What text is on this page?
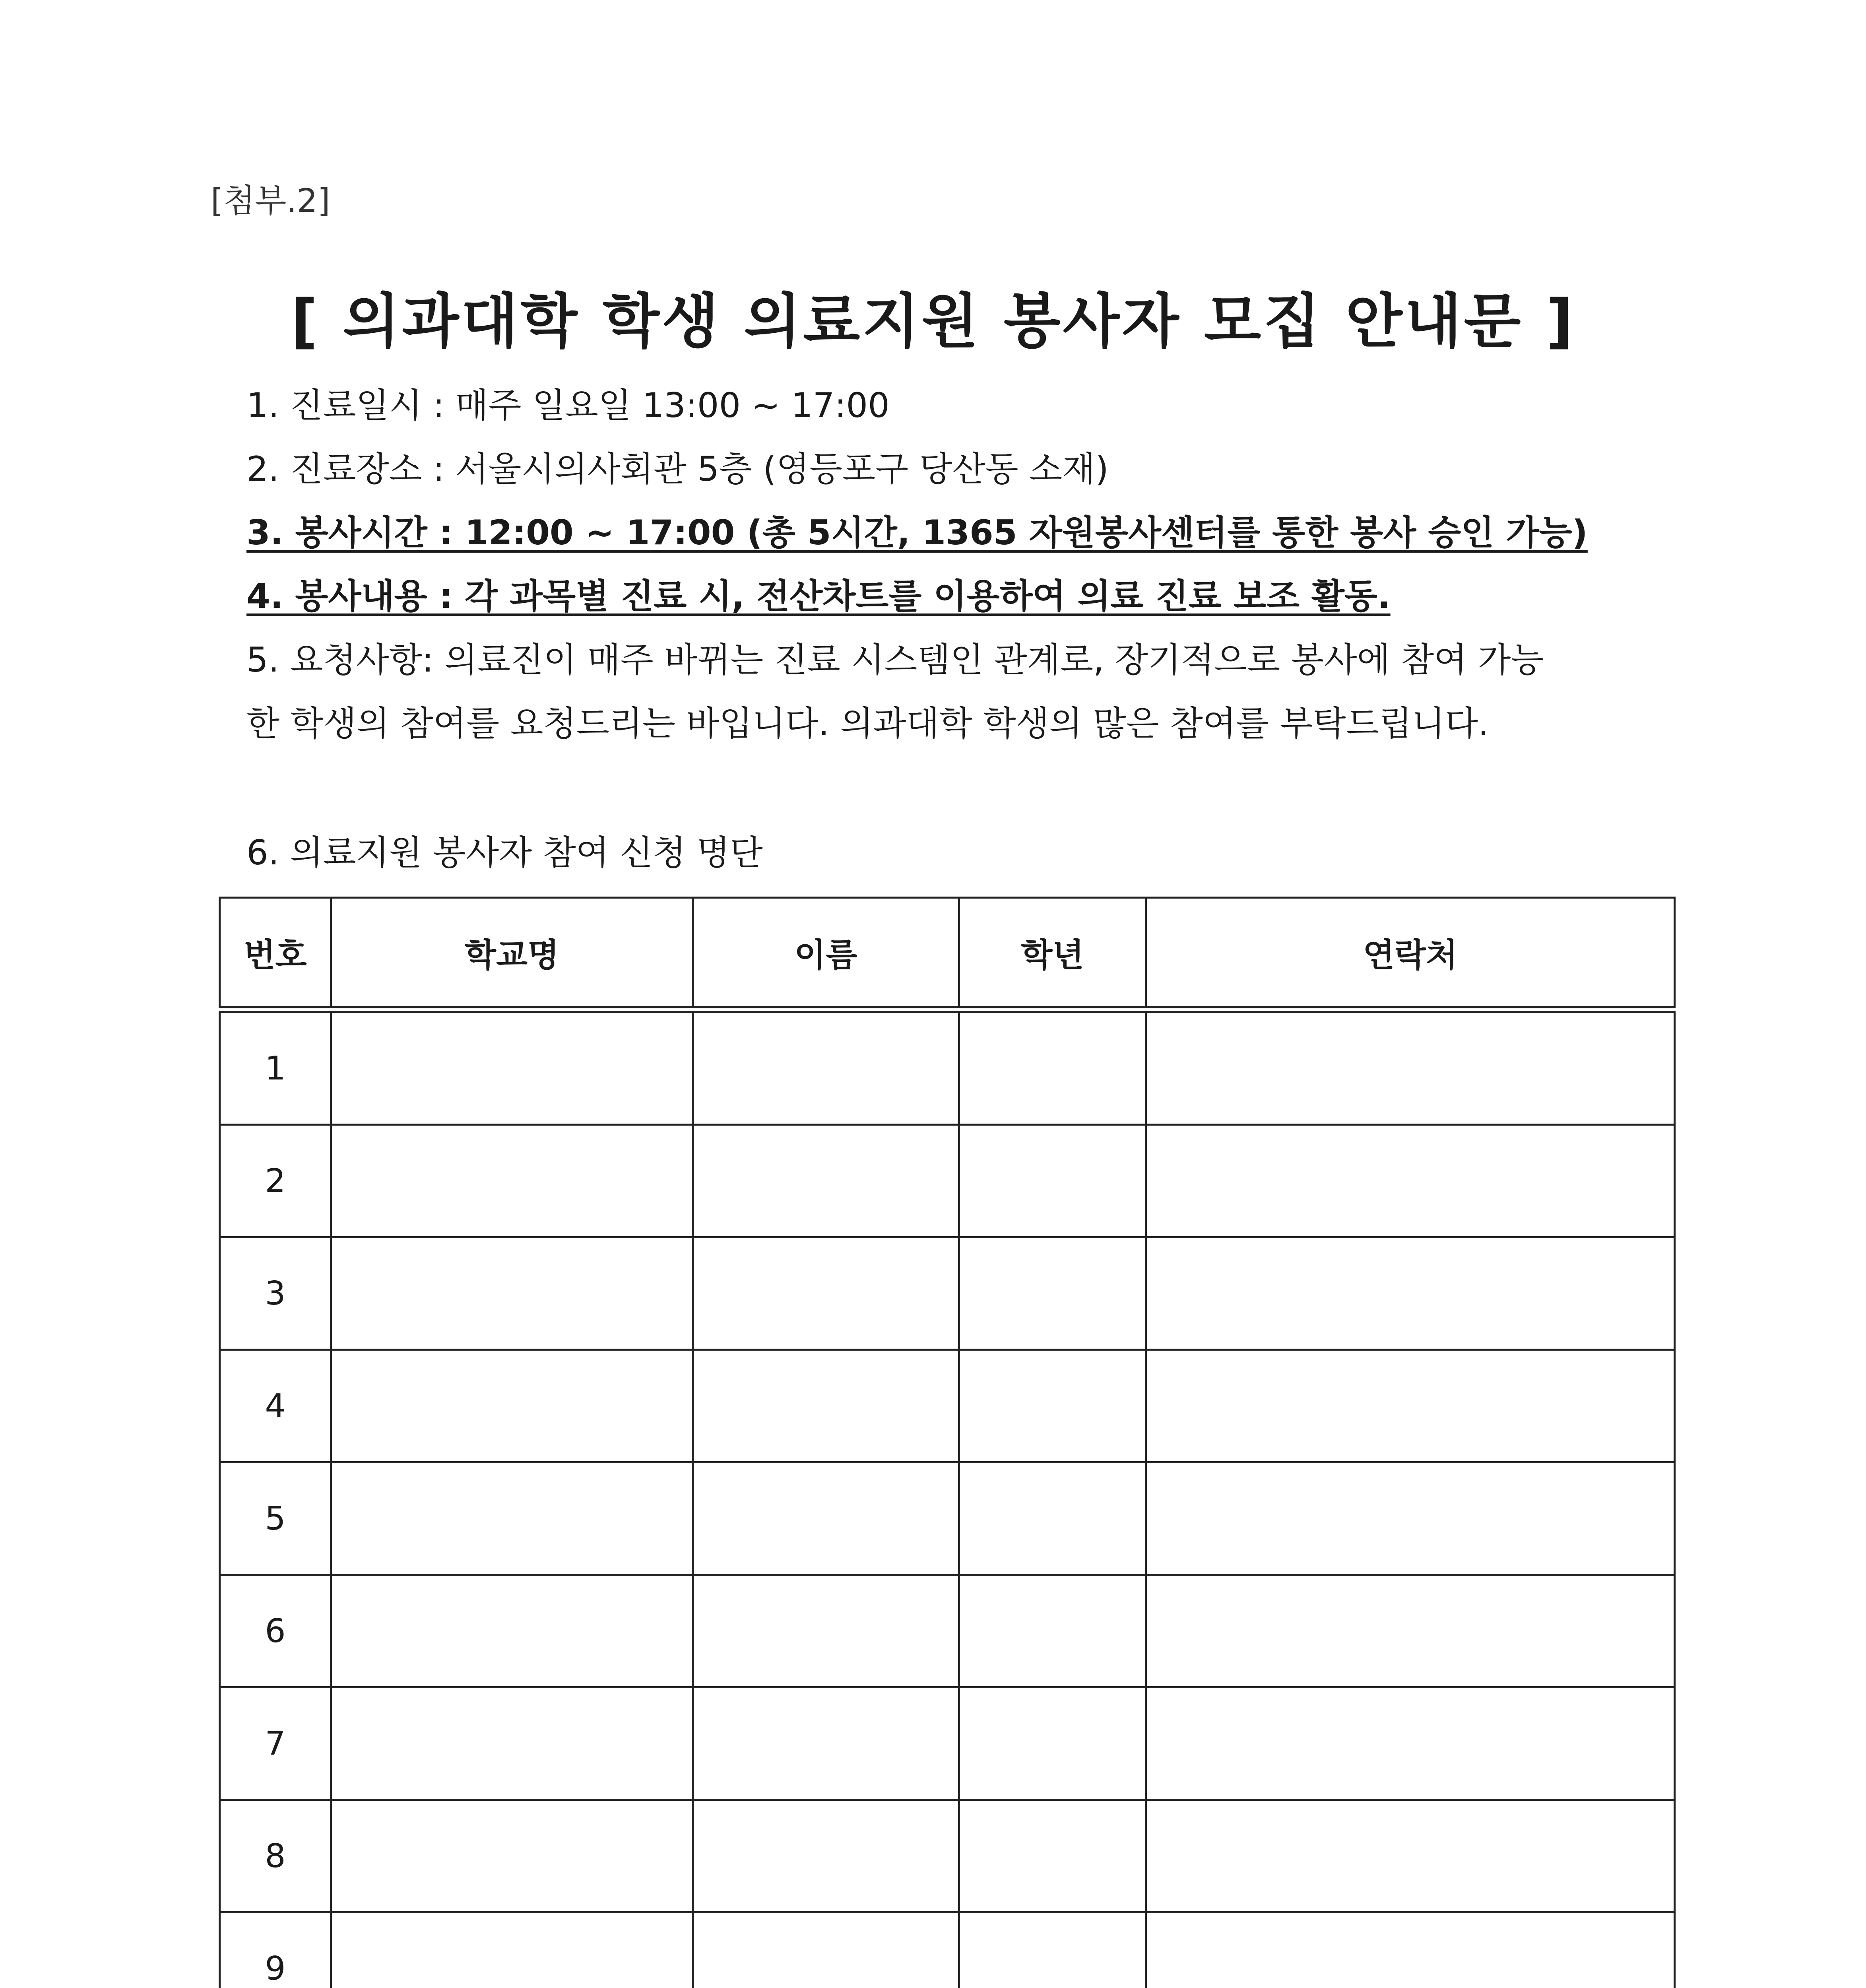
[첨부.2]
[ 의과대학 학생 의료지원 봉사자 모집 안내문 ]
1. 진료일시 : 매주 일요일 13:00 ~ 17:00
2. 진료장소 : 서울시의사회관 5층 (영등포구 당산동 소재)
3. 봉사시간 : 12:00 ~ 17:00 (총 5시간, 1365 자원봉사센터를 통한 봉사 승인 가능)
4. 봉사내용 : 각 과목별 진료 시, 전산차트를 이용하여 의료 진료 보조 활동.
5. 요청사항: 의료진이 매주 바뀌는 진료 시스템인 관계로, 장기적으로 봉사에 참여 가능
한 학생의 참여를 요청드리는 바입니다. 의과대학 학생의 많은 참여를 부탁드립니다.
6. 의료지원 봉사자 참여 신청 명단
번호	학교명	이름	학년	연락처
1				
2				
3				
4				
5				
6				
7				
8				
9				
